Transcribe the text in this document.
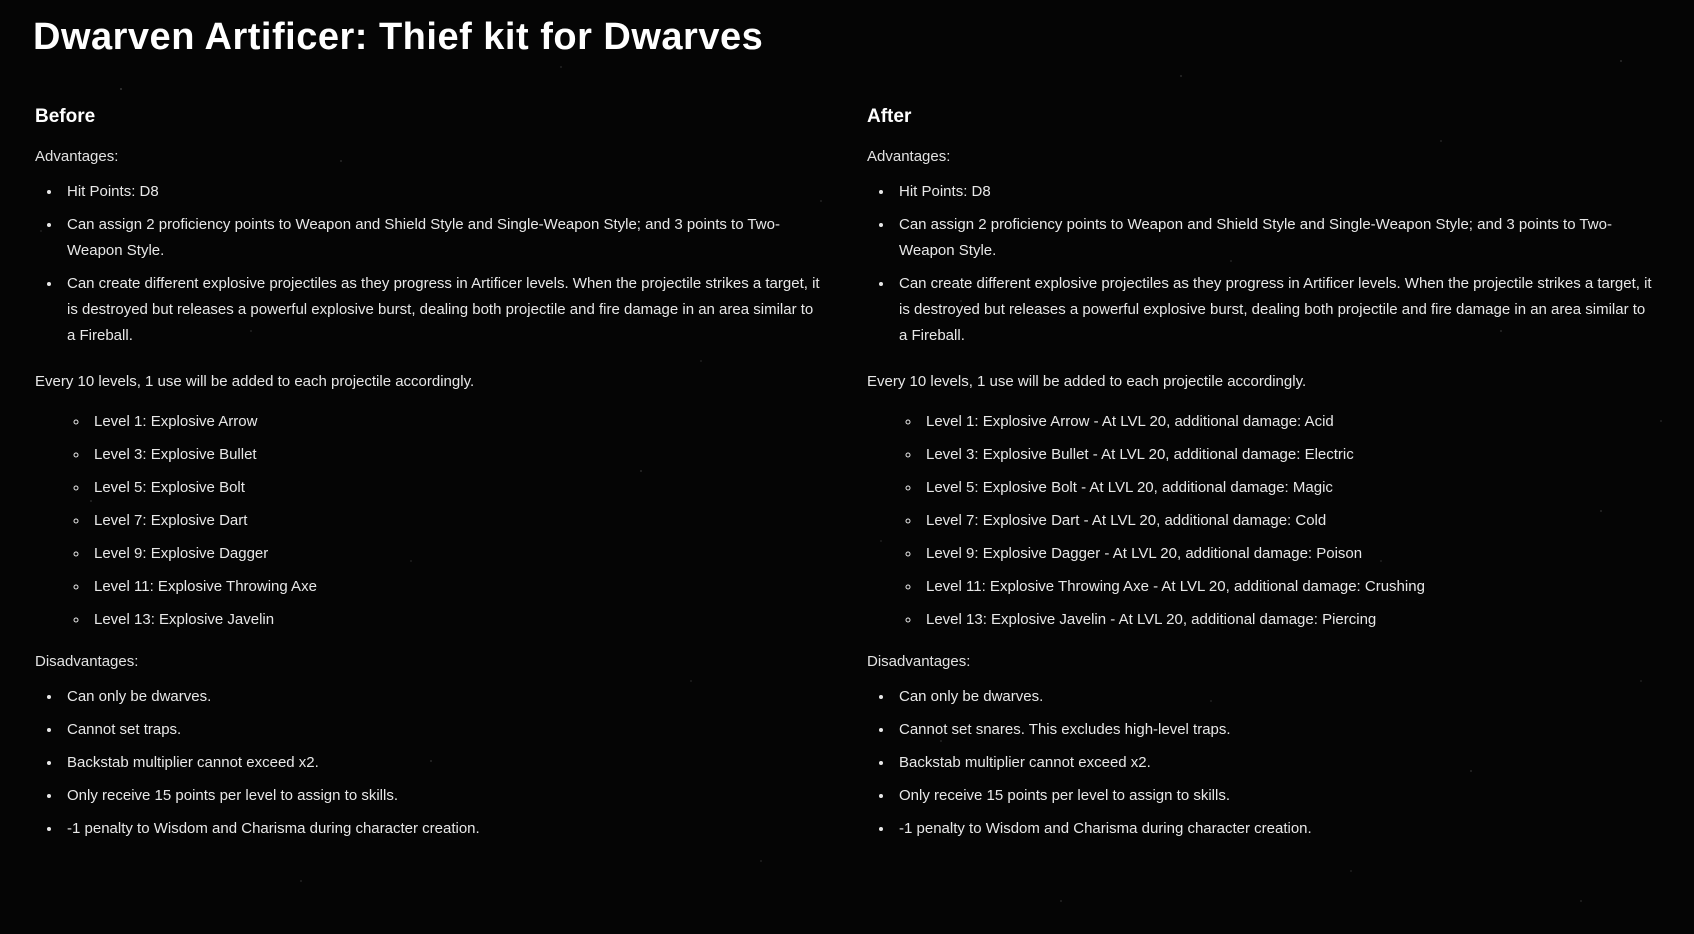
Dwarven Artificer: Thief kit for Dwarves
Before

Advantages:

• Hit Points: D8
• Can assign 2 proficiency points to Weapon and Shield Style and Single-Weapon Style; and 3 points to Two-Weapon Style.
• Can create different explosive projectiles as they progress in Artificer levels. When the projectile strikes a target, it is destroyed but releases a powerful explosive burst, dealing both projectile and fire damage in an area similar to a Fireball.

Every 10 levels, 1 use will be added to each projectile accordingly.

◦ Level 1: Explosive Arrow
◦ Level 3: Explosive Bullet
◦ Level 5: Explosive Bolt
◦ Level 7: Explosive Dart
◦ Level 9: Explosive Dagger
◦ Level 11: Explosive Throwing Axe
◦ Level 13: Explosive Javelin

Disadvantages:

• Can only be dwarves.
• Cannot set traps.
• Backstab multiplier cannot exceed x2.
• Only receive 15 points per level to assign to skills.
• -1 penalty to Wisdom and Charisma during character creation.
After

Advantages:

• Hit Points: D8
• Can assign 2 proficiency points to Weapon and Shield Style and Single-Weapon Style; and 3 points to Two-Weapon Style.
• Can create different explosive projectiles as they progress in Artificer levels. When the projectile strikes a target, it is destroyed but releases a powerful explosive burst, dealing both projectile and fire damage in an area similar to a Fireball.

Every 10 levels, 1 use will be added to each projectile accordingly.

◦ Level 1: Explosive Arrow - At LVL 20, additional damage: Acid
◦ Level 3: Explosive Bullet - At LVL 20, additional damage: Electric
◦ Level 5: Explosive Bolt - At LVL 20, additional damage: Magic
◦ Level 7: Explosive Dart - At LVL 20, additional damage: Cold
◦ Level 9: Explosive Dagger - At LVL 20, additional damage: Poison
◦ Level 11: Explosive Throwing Axe - At LVL 20, additional damage: Crushing
◦ Level 13: Explosive Javelin - At LVL 20, additional damage: Piercing

Disadvantages:

• Can only be dwarves.
• Cannot set snares. This excludes high-level traps.
• Backstab multiplier cannot exceed x2.
• Only receive 15 points per level to assign to skills.
• -1 penalty to Wisdom and Charisma during character creation.
